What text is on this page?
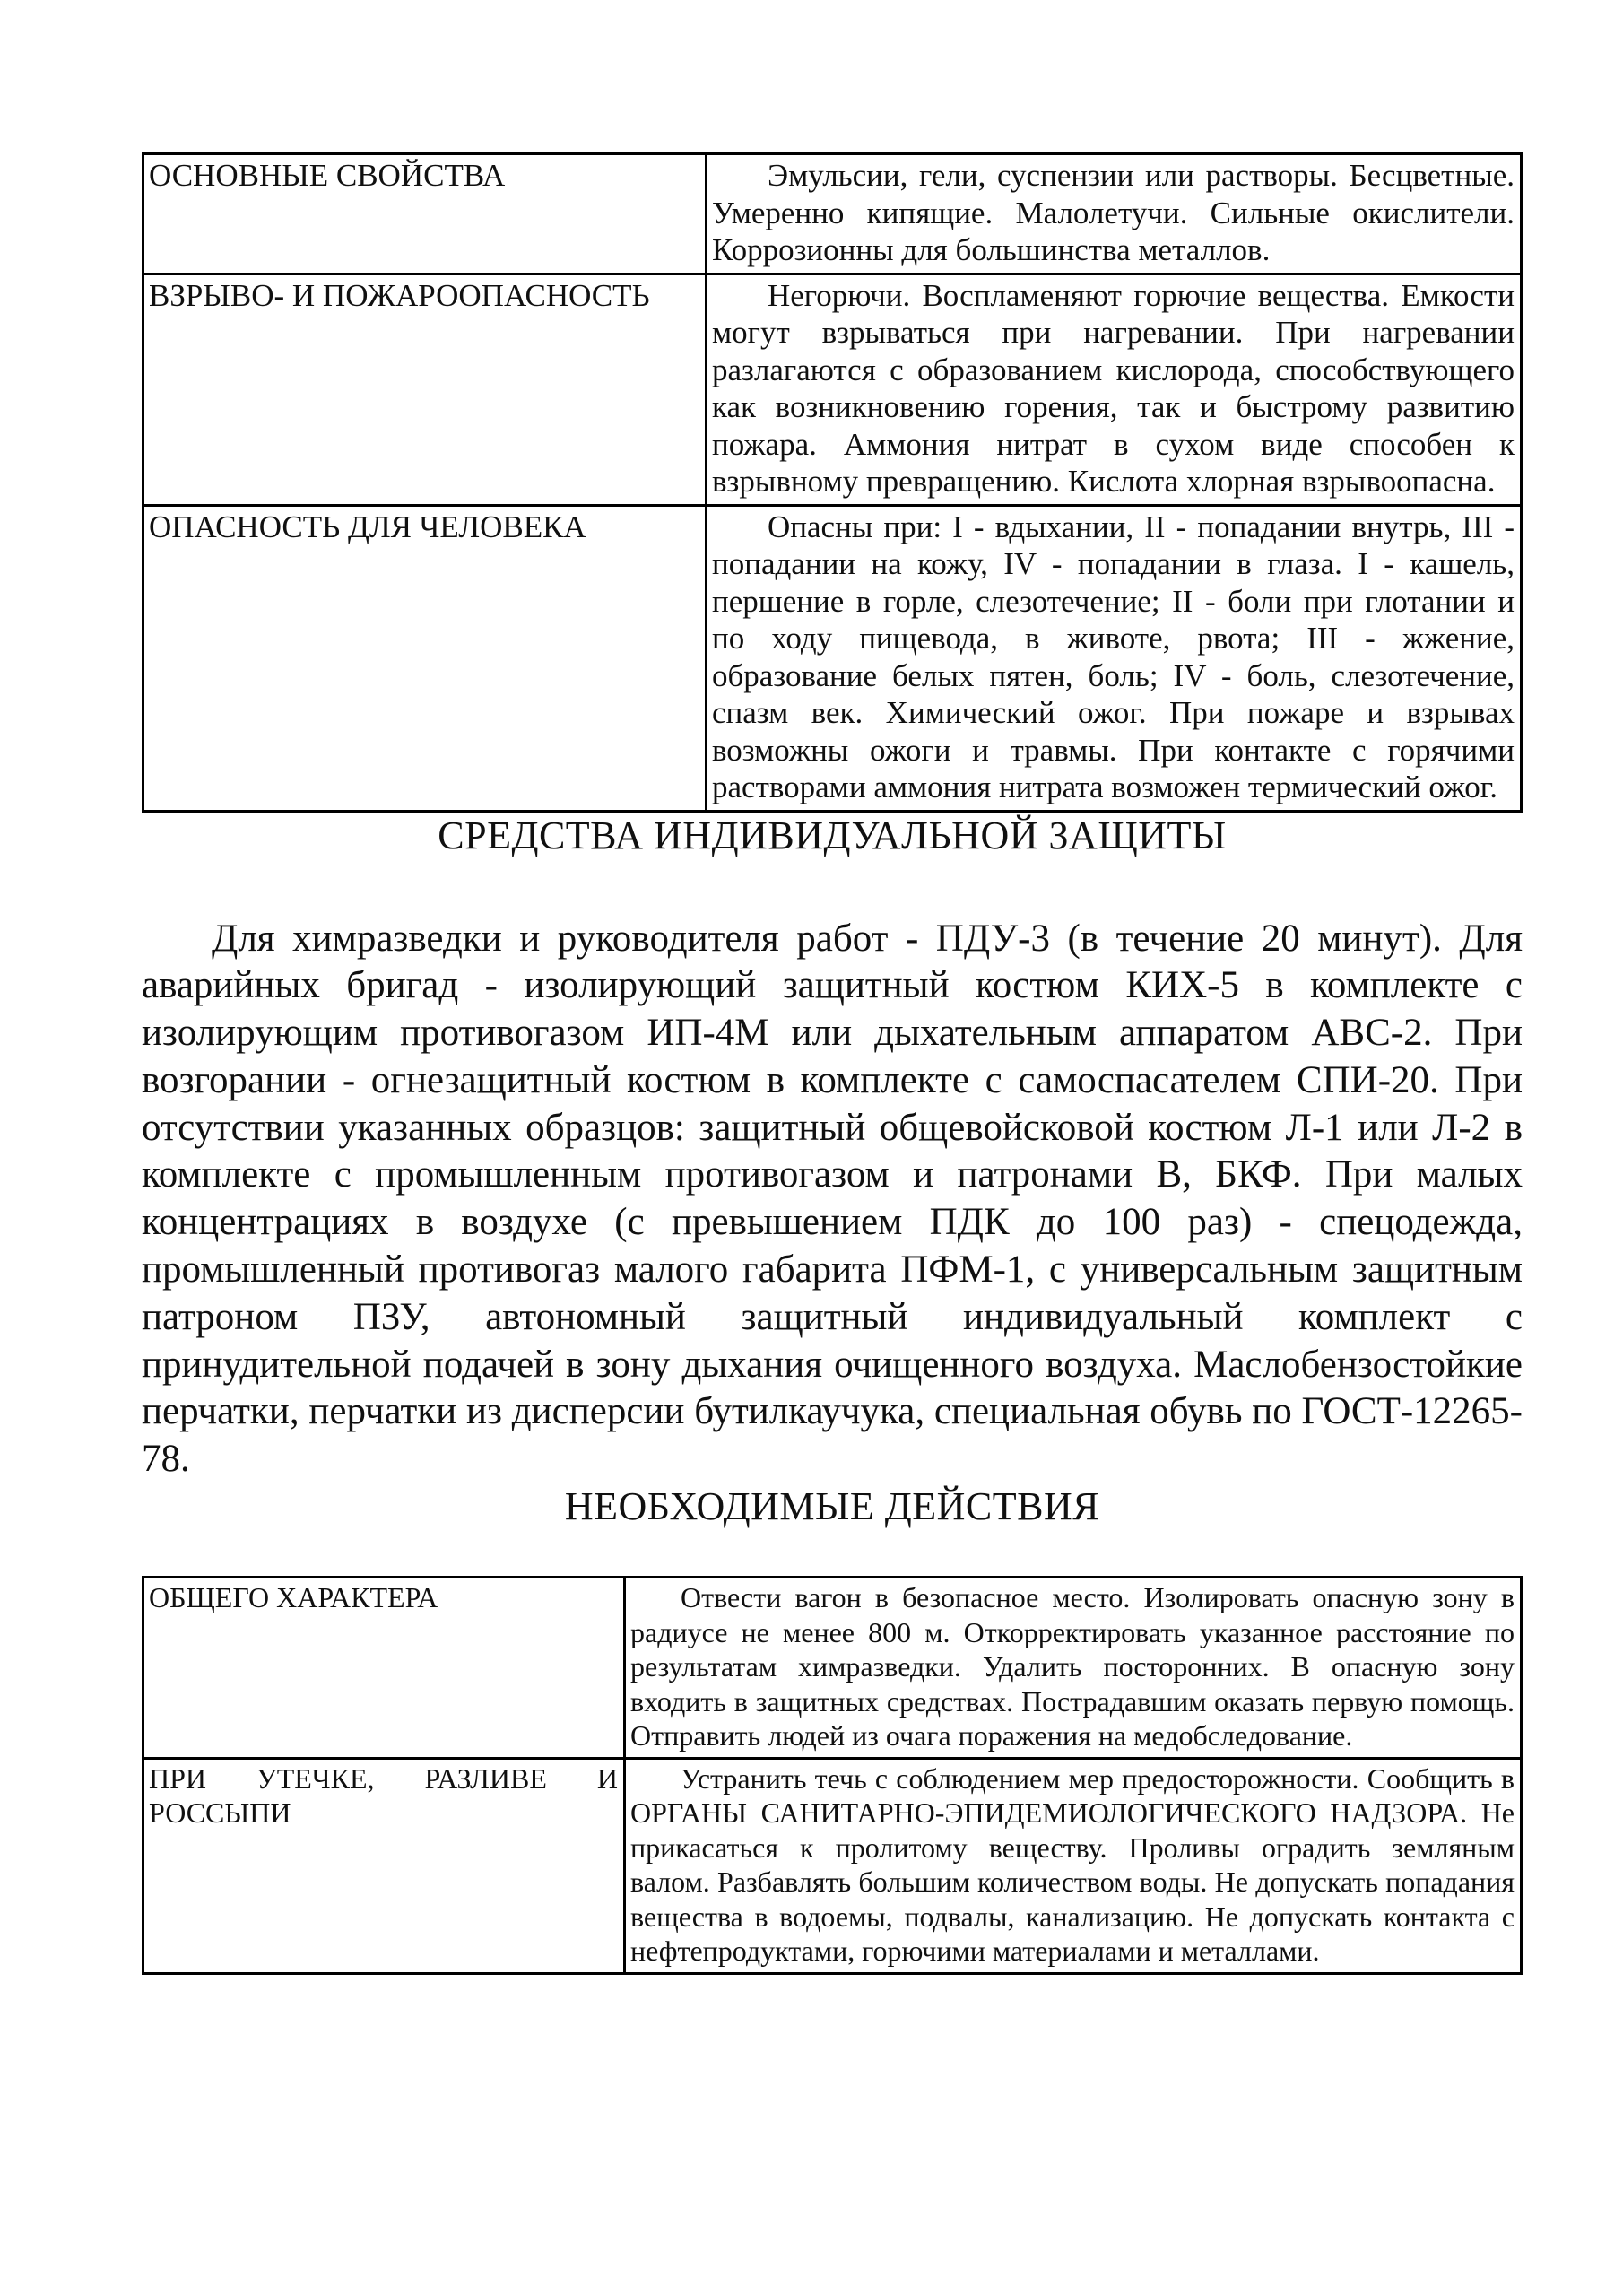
ОСНОВНЫЕ СВОЙСТВА	Эмульсии, гели, суспензии или растворы. Бесцветные. Умеренно кипящие. Малолетучи. Сильные окислители. Коррозионны для большинства металлов.
ВЗРЫВО- И ПОЖАРООПАСНОСТЬ	Негорючи. Воспламеняют горючие вещества. Емкости могут взрываться при нагревании. При нагревании разлагаются с образованием кислорода, способствующего как возникновению горения, так и быстрому развитию пожара. Аммония нитрат в сухом виде способен к взрывному превращению. Кислота хлорная взрывоопасна.
ОПАСНОСТЬ ДЛЯ ЧЕЛОВЕКА	Опасны при: I - вдыхании, II - попадании внутрь, III - попадании на кожу, IV - попадании в глаза. I - кашель, першение в горле, слезотечение; II - боли при глотании и по ходу пищевода, в животе, рвота; III - жжение, образование белых пятен, боль; IV - боль, слезотечение, спазм век. Химический ожог. При пожаре и взрывах возможны ожоги и травмы. При контакте с горячими растворами аммония нитрата возможен термический ожог.
СРЕДСТВА ИНДИВИДУАЛЬНОЙ ЗАЩИТЫ

Для химразведки и руководителя работ - ПДУ-3 (в течение 20 минут). Для аварийных бригад - изолирующий защитный костюм КИХ-5 в комплекте с изолирующим противогазом ИП-4М или дыхательным аппаратом АВС-2. При возгорании - огнезащитный костюм в комплекте с самоспасателем СПИ-20. При отсутствии указанных образцов: защитный общевойсковой костюм Л-1 или Л-2 в комплекте с промышленным противогазом и патронами В, БКФ. При малых концентрациях в воздухе (с превышением ПДК до 100 раз) - спецодежда, промышленный противогаз малого габарита ПФМ-1, с универсальным защитным патроном ПЗУ, автономный защитный индивидуальный комплект с принудительной подачей в зону дыхания очищенного воздуха. Маслобензостойкие перчатки, перчатки из дисперсии бутилкаучука, специальная обувь по ГОСТ-12265-78.

НЕОБХОДИМЫЕ ДЕЙСТВИЯ
ОБЩЕГО ХАРАКТЕРА	Отвести вагон в безопасное место. Изолировать опасную зону в радиусе не менее 800 м. Откорректировать указанное расстояние по результатам химразведки. Удалить посторонних. В опасную зону входить в защитных средствах. Пострадавшим оказать первую помощь. Отправить людей из очага поражения на медобследование.
ПРИ УТЕЧКЕ, РАЗЛИВЕ И РОССЫПИ	Устранить течь с соблюдением мер предосторожности. Сообщить в ОРГАНЫ САНИТАРНО-ЭПИДЕМИОЛОГИЧЕСКОГО НАДЗОРА. Не прикасаться к пролитому веществу. Проливы оградить земляным валом. Разбавлять большим количеством воды. Не допускать попадания вещества в водоемы, подвалы, канализацию. Не допускать контакта с нефтепродуктами, горючими материалами и металлами.
